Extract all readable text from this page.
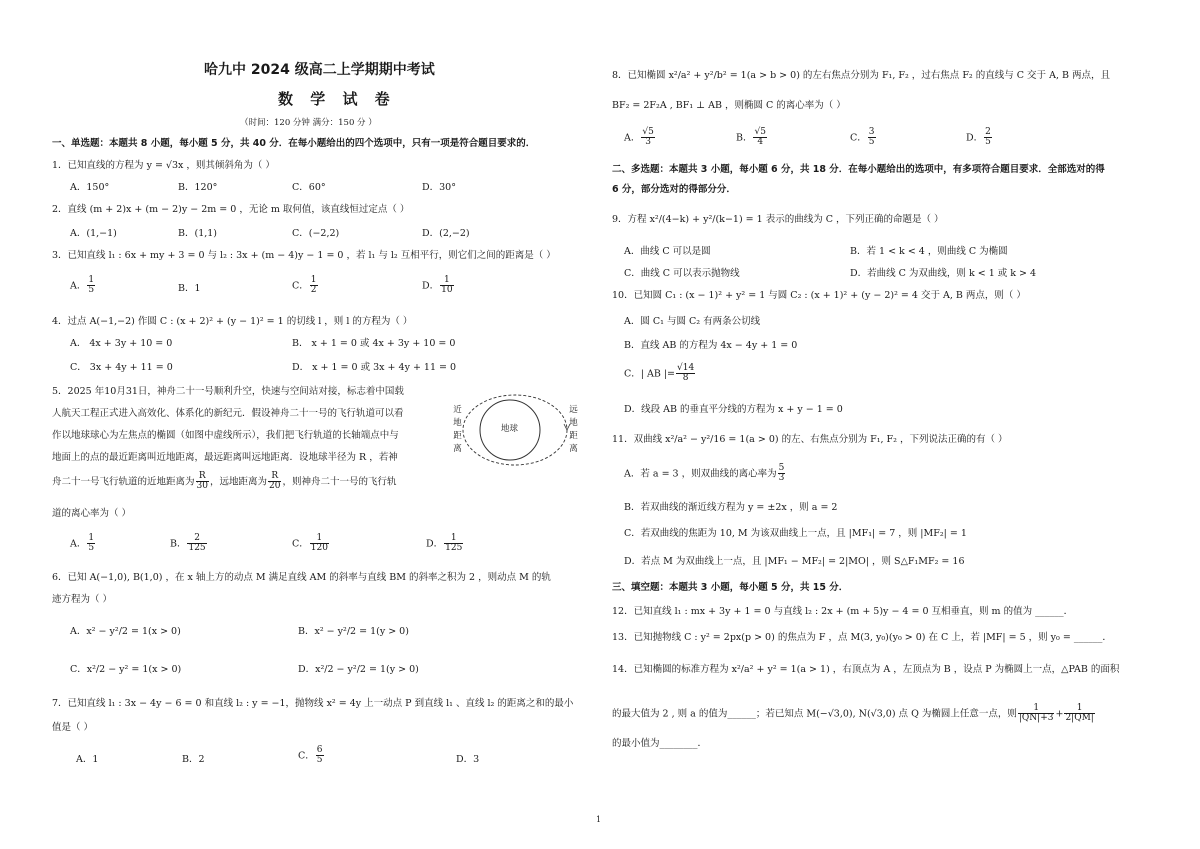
哈九中 2024 级高二上学期期中考试
数 学 试 卷
（时间：120 分钟 满分：150 分 ）
一、单选题：本题共 8 小题，每小题 5 分，共 40 分．在每小题给出的四个选项中，只有一项是符合题目要求的．
1．已知直线的方程为 y = √3x ，则其倾斜角为（ ）
A．150°	B．120°	C．60°	D．30°
2．直线 (m + 2)x + (m − 2)y − 2m = 0 ，无论 m 取何值，该直线恒过定点（ ）
A．(1,−1)	B．(1,1)	C．(−2,2)	D．(2,−2)
3．已知直线 l₁ : 6x + my + 3 = 0 与 l₂ : 3x + (m − 4)y − 1 = 0 ，若 l₁ 与 l₂ 互相平行，则它们之间的距离是（ ）
A． $\frac{1}{5}$	B．1	C． $\frac{1}{2}$	D． $\frac{1}{10}$
4．过点 A(−1,−2) 作圆 C : (x + 2)² + (y − 1)² = 1 的切线 l ，则 l 的方程为（ ）
A． 4x + 3y + 10 = 0	B． x + 1 = 0 或 4x + 3y + 10 = 0
C． 3x + 4y + 11 = 0	D． x + 1 = 0 或 3x + 4y + 11 = 0
5．2025 年10月31日，神舟二十一号顺利升空，快速与空间站对接，标志着中国载
人航天工程正式进入高效化、体系化的新纪元．假设神舟二十一号的飞行轨道可以看
作以地球球心为左焦点的椭圆（如图中虚线所示），我们把飞行轨道的长轴端点中与
地面上的点的最近距离叫近地距离，最远距离叫远地距离．设地球半径为 R ，若神
舟二十一号飞行轨道的近地距离为 $\frac{R}{30}$ ，远地距离为 $\frac{R}{20}$ ，则神舟二十一号的飞行轨
道的离心率为（ ）
地球
近地距离
远地距离
A． $\frac{1}{5}$	B． $\frac{2}{125}$	C． $\frac{1}{120}$	D． $\frac{1}{125}$
6．已知 A(−1,0), B(1,0) ，在 x 轴上方的动点 M 满足直线 AM 的斜率与直线 BM 的斜率之积为 2 ，则动点 M 的轨
迹方程为（ ）
A．x² − y²/2 = 1(x > 0)	B．x² − y²/2 = 1(y > 0)
C．x²/2 − y² = 1(x > 0)	D．x²/2 − y²/2 = 1(y > 0)
7．已知直线 l₁ : 3x − 4y − 6 = 0 和直线 l₂ : y = −1，抛物线 x² = 4y 上一动点 P 到直线 l₁ 、直线 l₂ 的距离之和的最小
值是（ ）
A．1	B．2	C． $\frac{6}{5}$	D．3
8．已知椭圆 x²/a² + y²/b² = 1(a > b > 0) 的左右焦点分别为 F₁, F₂ ，过右焦点 F₂ 的直线与 C 交于 A, B 两点，且
BF₂ = 2F₂A , BF₁ ⊥ AB ，则椭圆 C 的离心率为（ ）
A． $\frac{√5}{3}$	B． $\frac{√5}{4}$	C． $\frac{3}{5}$	D． $\frac{2}{5}$
二、多选题：本题共 3 小题，每小题 6 分，共 18 分．在每小题给出的选项中，有多项符合题目要求．全部选对的得
6 分，部分选对的得部分分．
9．方程 x²/(4−k) + y²/(k−1) = 1 表示的曲线为 C ，下列正确的命题是（ ）
A．曲线 C 可以是圆	B．若 1 < k < 4 ，则曲线 C 为椭圆
C．曲线 C 可以表示抛物线	D．若曲线 C 为双曲线，则 k < 1 或 k > 4
10．已知圆 C₁ : (x − 1)² + y² = 1 与圆 C₂ : (x + 1)² + (y − 2)² = 4 交于 A, B 两点，则（ ）
A．圆 C₁ 与圆 C₂ 有两条公切线
B．直线 AB 的方程为 4x − 4y + 1 = 0
C．| AB |= $\frac{√14}{8}$
D．线段 AB 的垂直平分线的方程为 x + y − 1 = 0
11．双曲线 x²/a² − y²/16 = 1(a > 0) 的左、右焦点分别为 F₁, F₂ ，下列说法正确的有（ ）
A．若 a = 3 ，则双曲线的离心率为 $\frac{5}{3}$
B．若双曲线的渐近线方程为 y = ±2x ，则 a = 2
C．若双曲线的焦距为 10, M 为该双曲线上一点，且 |MF₁| = 7 ，则 |MF₂| = 1
D．若点 M 为双曲线上一点，且 |MF₁ − MF₂| = 2|MO| ，则 S△F₁MF₂ = 16
三、填空题：本题共 3 小题，每小题 5 分，共 15 分．
12．已知直线 l₁ : mx + 3y + 1 = 0 与直线 l₂ : 2x + (m + 5)y − 4 = 0 互相垂直，则 m 的值为 ______．
13．已知抛物线 C : y² = 2px(p > 0) 的焦点为 F ，点 M(3, y₀)(y₀ > 0) 在 C 上，若 |MF| = 5 ，则 y₀ = ______．
14．已知椭圆的标准方程为 x²/a² + y² = 1(a > 1) ，右顶点为 A ，左顶点为 B ，设点 P 为椭圆上一点，△PAB 的面积
的最大值为 2 , 则 a 的值为______；若已知点 M(−√3,0), N(√3,0) 点 Q 为椭圆上任意一点，则 $\frac{1}{|QN|+3} + \frac{1}{2|QM|}$
的最小值为________．
1
